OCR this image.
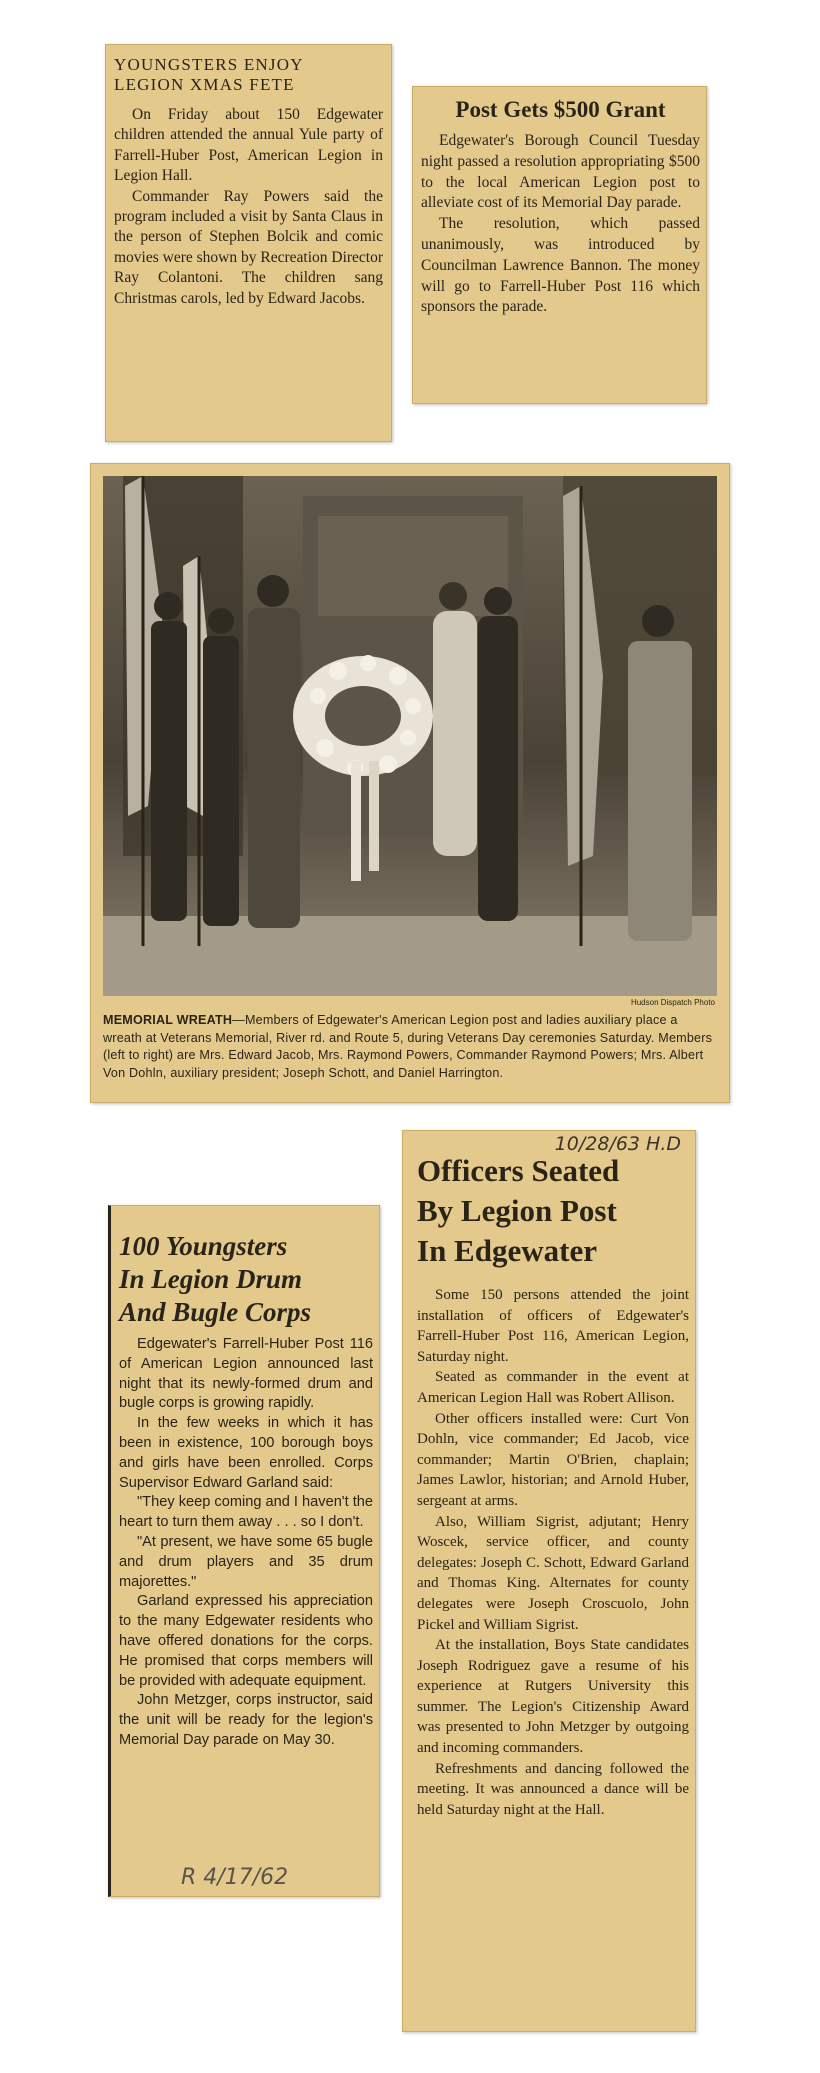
YOUNGSTERS ENJOY
LEGION XMAS FETE

On Friday about 150 Edgewater children attended the annual Yule party of Farrell-Huber Post, American Legion in Legion Hall.

Commander Ray Powers said the program included a visit by Santa Claus in the person of Stephen Bolcik and comic movies were shown by Recreation Director Ray Colantoni. The children sang Christmas carols, led by Edward Jacobs.

Post Gets $500 Grant

Edgewater's Borough Council Tuesday night passed a resolution appropriating $500 to the local American Legion post to alleviate cost of its Memorial Day parade.

The resolution, which passed unanimously, was introduced by Councilman Lawrence Bannon. The money will go to Farrell-Huber Post 116 which sponsors the parade.

Hudson Dispatch Photo
MEMORIAL WREATH—Members of Edgewater's American Legion post and ladies auxiliary place a wreath at Veterans Memorial, River rd. and Route 5, during Veterans Day ceremonies Saturday. Members (left to right) are Mrs. Edward Jacob, Mrs. Raymond Powers, Commander Raymond Powers; Mrs. Albert Von Dohln, auxiliary president; Joseph Schott, and Daniel Harrington.
100 Youngsters
In Legion Drum
And Bugle Corps

Edgewater's Farrell-Huber Post 116 of American Legion announced last night that its newly-formed drum and bugle corps is growing rapidly.

In the few weeks in which it has been in existence, 100 borough boys and girls have been enrolled. Corps Supervisor Edward Garland said:

"They keep coming and I haven't the heart to turn them away . . . so I don't.

"At present, we have some 65 bugle and drum players and 35 drum majorettes."

Garland expressed his appreciation to the many Edgewater residents who have offered donations for the corps. He promised that corps members will be provided with adequate equipment.

John Metzger, corps instructor, said the unit will be ready for the legion's Memorial Day parade on May 30.

R 4/17/62
10/28/63 H.D
Officers Seated
By Legion Post
In Edgewater

Some 150 persons attended the joint installation of officers of Edgewater's Farrell-Huber Post 116, American Legion, Saturday night.

Seated as commander in the event at American Legion Hall was Robert Allison.

Other officers installed were: Curt Von Dohln, vice commander; Ed Jacob, vice commander; Martin O'Brien, chaplain; James Lawlor, historian; and Arnold Huber, sergeant at arms.

Also, William Sigrist, adjutant; Henry Woscek, service officer, and county delegates: Joseph C. Schott, Edward Garland and Thomas King. Alternates for county delegates were Joseph Croscuolo, John Pickel and William Sigrist.

At the installation, Boys State candidates Joseph Rodriguez gave a resume of his experience at Rutgers University this summer. The Legion's Citizenship Award was presented to John Metzger by outgoing and incoming commanders.

Refreshments and dancing followed the meeting. It was announced a dance will be held Saturday night at the Hall.
